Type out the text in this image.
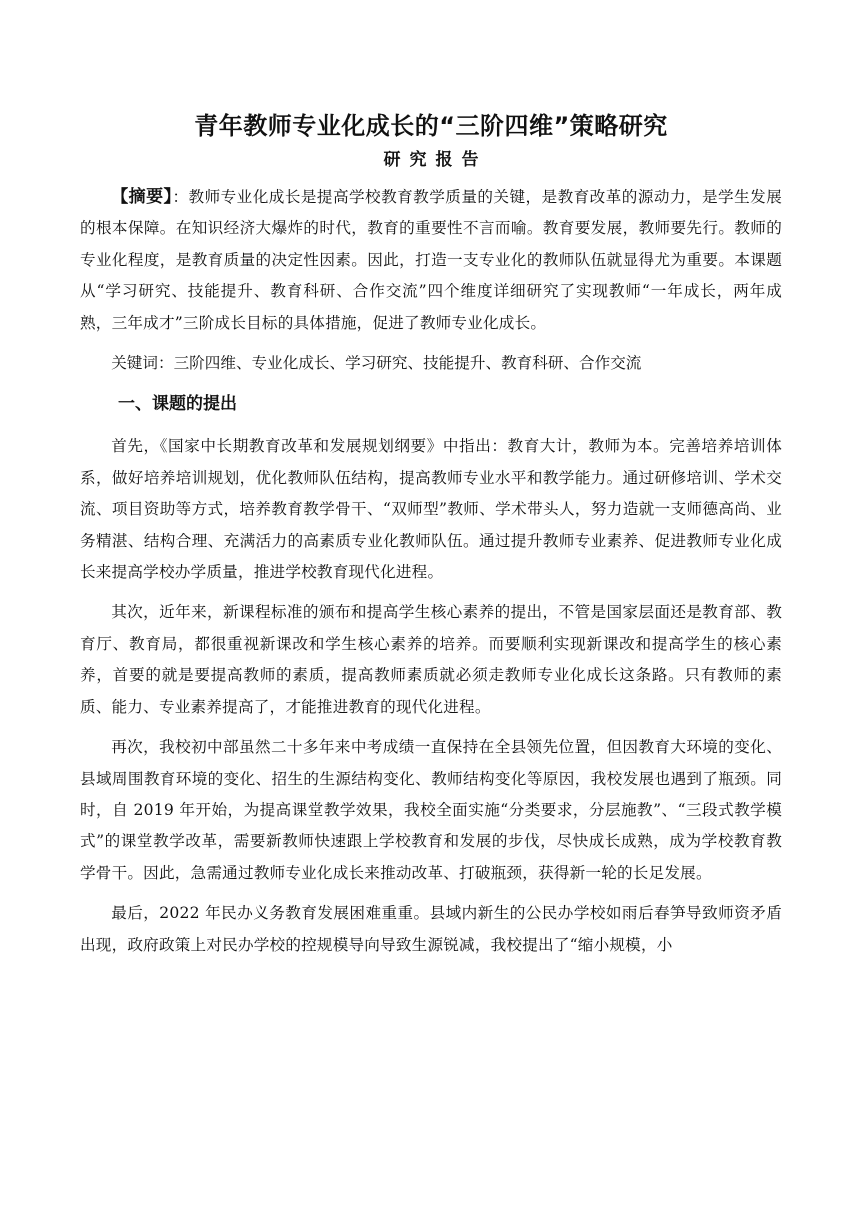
青年教师专业化成长的“三阶四维”策略研究
研究报告

【摘要】：教师专业化成长是提高学校教育教学质量的关键，是教育改革的源动力，是学生发展的根本保障。在知识经济大爆炸的时代，教育的重要性不言而喻。教育要发展，教师要先行。教师的专业化程度，是教育质量的决定性因素。因此，打造一支专业化的教师队伍就显得尤为重要。本课题从“学习研究、技能提升、教育科研、合作交流”四个维度详细研究了实现教师“一年成长，两年成熟，三年成才”三阶成长目标的具体措施，促进了教师专业化成长。

关键词：三阶四维、专业化成长、学习研究、技能提升、教育科研、合作交流

一、课题的提出

首先，《国家中长期教育改革和发展规划纲要》中指出：教育大计，教师为本。完善培养培训体系，做好培养培训规划，优化教师队伍结构，提高教师专业水平和教学能力。通过研修培训、学术交流、项目资助等方式，培养教育教学骨干、“双师型”教师、学术带头人，努力造就一支师德高尚、业务精湛、结构合理、充满活力的高素质专业化教师队伍。通过提升教师专业素养、促进教师专业化成长来提高学校办学质量，推进学校教育现代化进程。

其次，近年来，新课程标准的颁布和提高学生核心素养的提出，不管是国家层面还是教育部、教育厅、教育局，都很重视新课改和学生核心素养的培养。而要顺利实现新课改和提高学生的核心素养，首要的就是要提高教师的素质，提高教师素质就必须走教师专业化成长这条路。只有教师的素质、能力、专业素养提高了，才能推进教育的现代化进程。

再次，我校初中部虽然二十多年来中考成绩一直保持在全县领先位置，但因教育大环境的变化、县域周围教育环境的变化、招生的生源结构变化、教师结构变化等原因，我校发展也遇到了瓶颈。同时，自 2019 年开始，为提高课堂教学效果，我校全面实施“分类要求，分层施教”、“三段式教学模式”的课堂教学改革，需要新教师快速跟上学校教育和发展的步伐，尽快成长成熟，成为学校教育教学骨干。因此，急需通过教师专业化成长来推动改革、打破瓶颈，获得新一轮的长足发展。

最后，2022 年民办义务教育发展困难重重。县域内新生的公民办学校如雨后春笋导致师资矛盾出现，政府政策上对民办学校的控规模导向导致生源锐减，我校提出了“缩小规模，小
